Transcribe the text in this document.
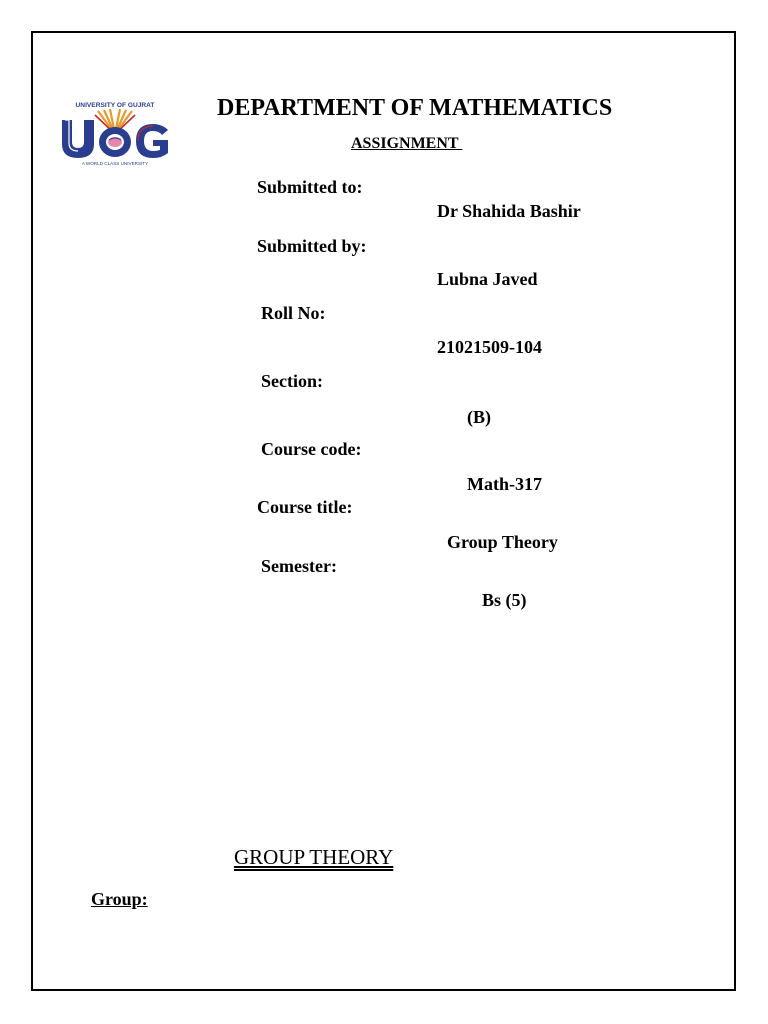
UNIVERSITY OF GUJRAT
A WORLD CLASS UNIVERSITY
DEPARTMENT OF MATHEMATICS
ASSIGNMENT
Submitted to:
Dr Shahida Bashir
Submitted by:
Lubna Javed
Roll No:
21021509-104
Section:
(B)
Course code:
Math-317
Course title:
Group Theory
Semester:
Bs (5)
GROUP THEORY
Group:
